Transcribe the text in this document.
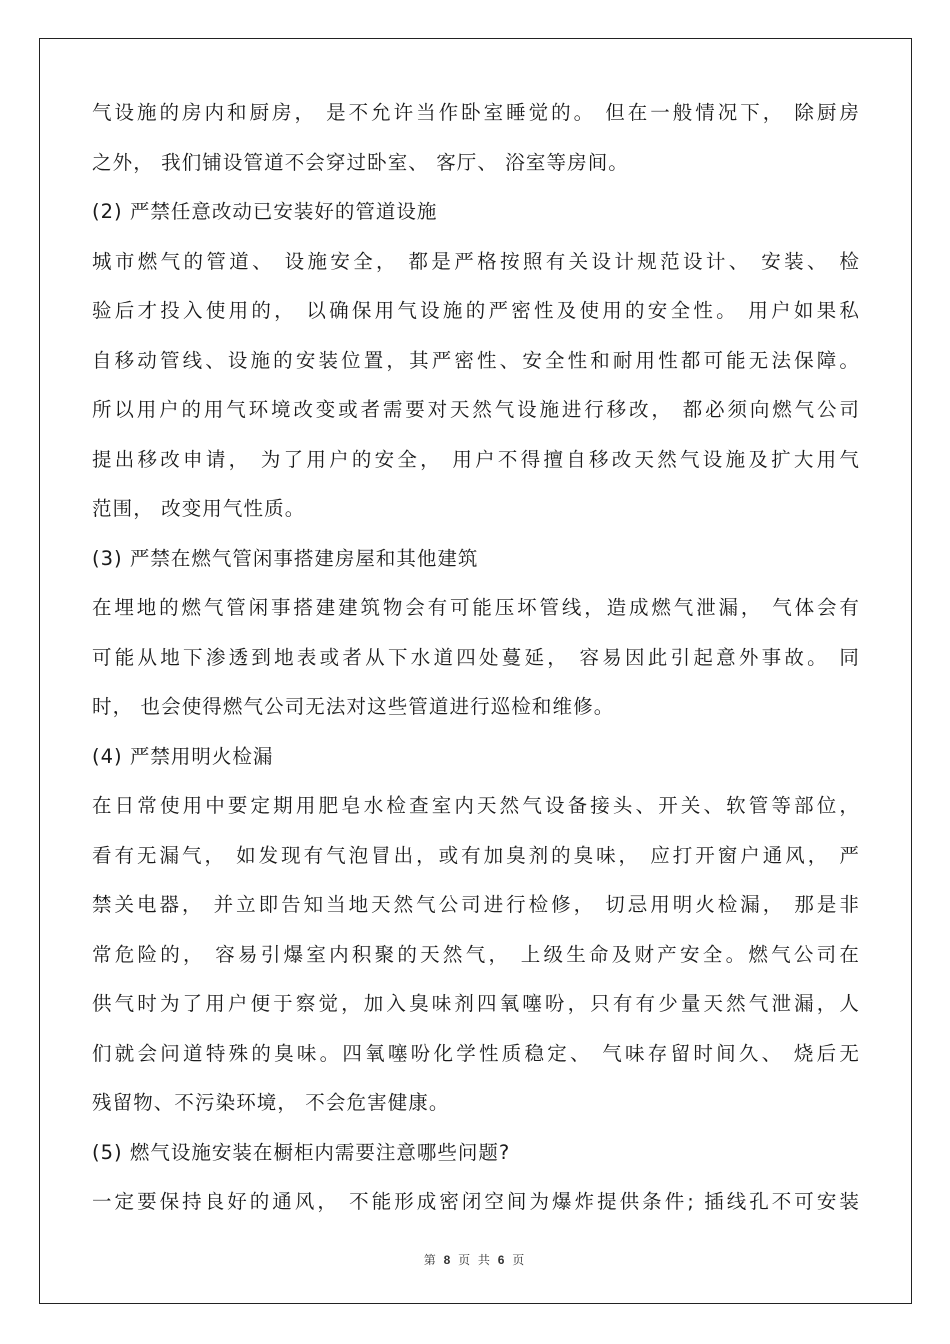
气设施的房内和厨房， 是不允许当作卧室睡觉的。 但在一般情况下， 除厨房
之外， 我们铺设管道不会穿过卧室、 客厅、 浴室等房间。
(2) 严禁任意改动已安装好的管道设施
城市燃气的管道、 设施安全， 都是严格按照有关设计规范设计、 安装、 检
验后才投入使用的， 以确保用气设施的严密性及使用的安全性。 用户如果私
自移动管线、设施的安装位置，其严密性、安全性和耐用性都可能无法保障。
所以用户的用气环境改变或者需要对天然气设施进行移改， 都必须向燃气公司
提出移改申请， 为了用户的安全， 用户不得擅自移改天然气设施及扩大用气
范围， 改变用气性质。
(3) 严禁在燃气管闲事搭建房屋和其他建筑
在埋地的燃气管闲事搭建建筑物会有可能压坏管线，造成燃气泄漏， 气体会有
可能从地下渗透到地表或者从下水道四处蔓延， 容易因此引起意外事故。 同
时， 也会使得燃气公司无法对这些管道进行巡检和维修。
(4) 严禁用明火检漏
在日常使用中要定期用肥皂水检查室内天然气设备接头、开关、软管等部位，
看有无漏气， 如发现有气泡冒出，或有加臭剂的臭味， 应打开窗户通风， 严
禁关电器， 并立即告知当地天然气公司进行检修， 切忌用明火检漏， 那是非
常危险的， 容易引爆室内积聚的天然气， 上级生命及财产安全。燃气公司在
供气时为了用户便于察觉，加入臭味剂四氧噻吩，只有有少量天然气泄漏，人
们就会问道特殊的臭味。四氧噻吩化学性质稳定、 气味存留时间久、 烧后无
残留物、不污染环境， 不会危害健康。
(5) 燃气设施安装在橱柜内需要注意哪些问题?
一定要保持良好的通风， 不能形成密闭空间为爆炸提供条件; 插线孔不可安装
第 8 页 共 6 页
